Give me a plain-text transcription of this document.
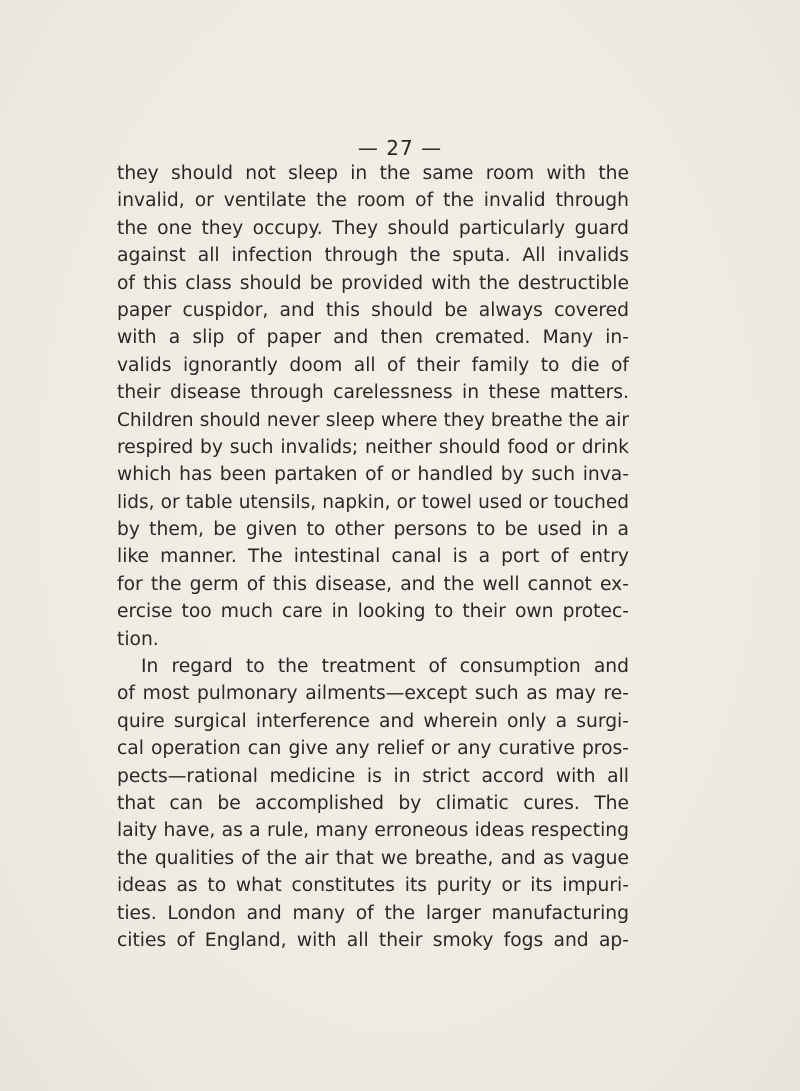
— 27 —
they should not sleep in the same room with the
invalid, or ventilate the room of the invalid through
the one they occupy. They should particularly guard
against all infection through the sputa. All invalids
of this class should be provided with the destructible
paper cuspidor, and this should be always covered
with a slip of paper and then cremated. Many in-
valids ignorantly doom all of their family to die of
their disease through carelessness in these matters.
Children should never sleep where they breathe the air
respired by such invalids; neither should food or drink
which has been partaken of or handled by such inva-
lids, or table utensils, napkin, or towel used or touched
by them, be given to other persons to be used in a
like manner. The intestinal canal is a port of entry
for the germ of this disease, and the well cannot ex-
ercise too much care in looking to their own protec-
tion.
In regard to the treatment of consumption and
of most pulmonary ailments—except such as may re-
quire surgical interference and wherein only a surgi-
cal operation can give any relief or any curative pros-
pects—rational medicine is in strict accord with all
that can be accomplished by climatic cures. The
laity have, as a rule, many erroneous ideas respecting
the qualities of the air that we breathe, and as vague
ideas as to what constitutes its purity or its impuri-
ties. London and many of the larger manufacturing
cities of England, with all their smoky fogs and ap-
